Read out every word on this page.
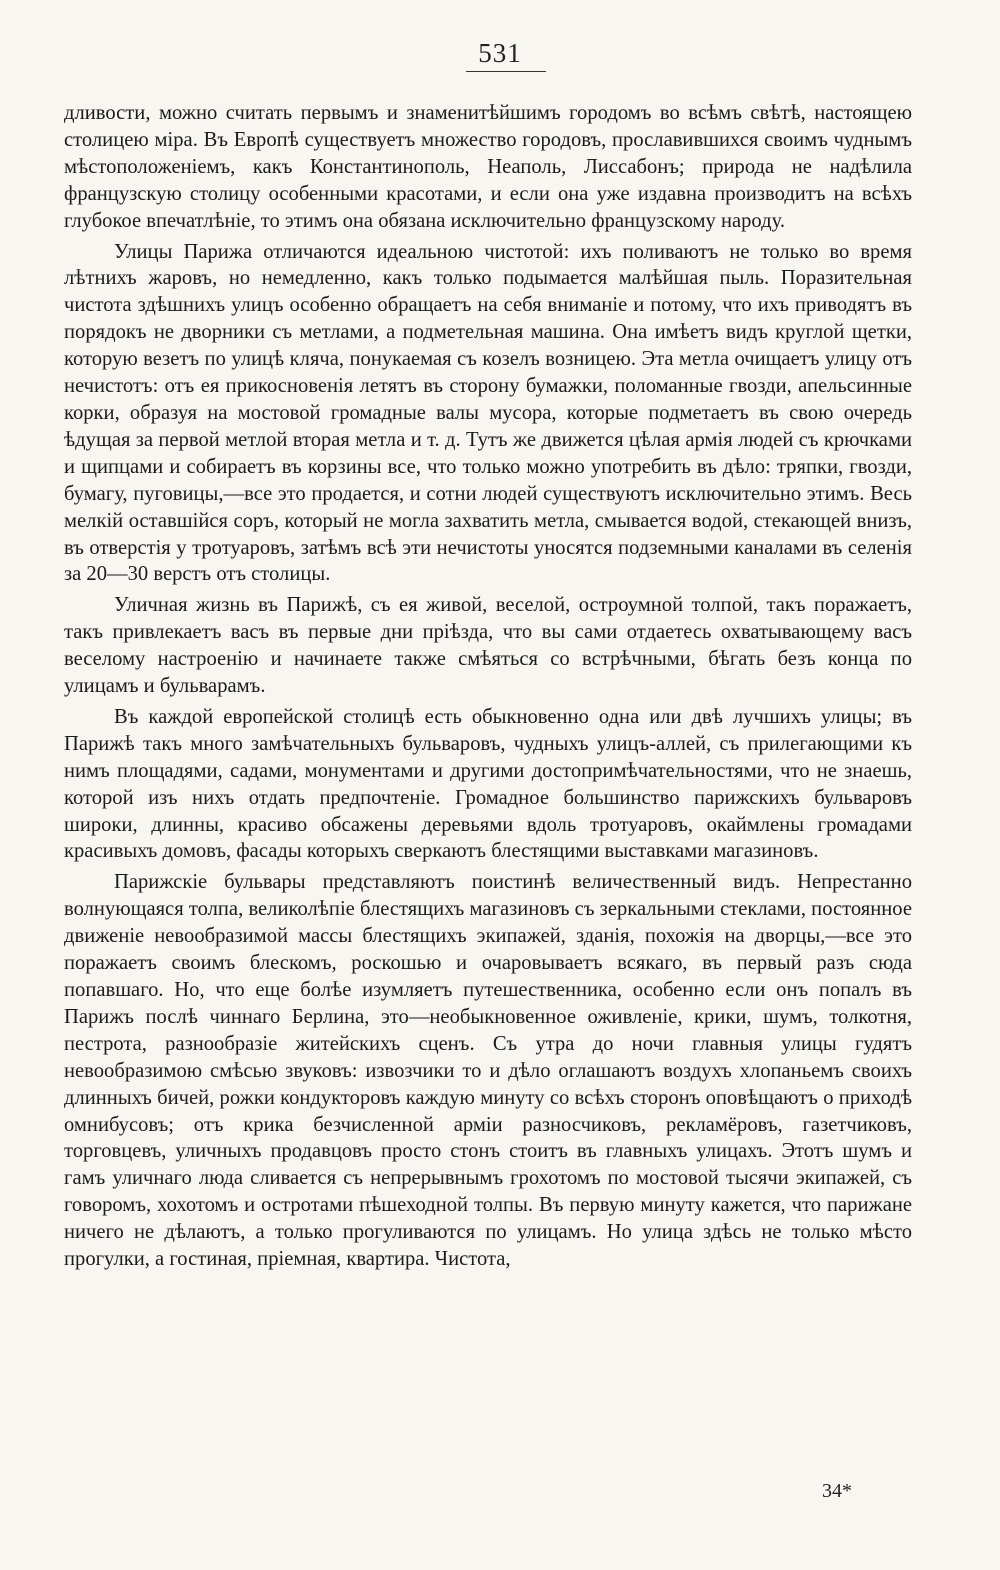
531

дливости, можно считать первымъ и знаменитѣйшимъ городомъ во всѣмъ свѣтѣ, настоящею столицею міра. Въ Европѣ существуетъ множество городовъ, прославившихся своимъ чуднымъ мѣстоположеніемъ, какъ Константинополь, Неаполь, Лиссабонъ; природа не надѣлила французскую столицу особенными красотами, и если она уже издавна производитъ на всѣхъ глубокое впечатлѣніе, то этимъ она обязана исключительно французскому народу.

Улицы Парижа отличаются идеальною чистотой: ихъ поливаютъ не только во время лѣтнихъ жаровъ, но немедленно, какъ только подымается малѣйшая пыль. Поразительная чистота здѣшнихъ улицъ особенно обращаетъ на себя вниманіе и потому, что ихъ приводятъ въ порядокъ не дворники съ метлами, а подметельная машина. Она имѣетъ видъ круглой щетки, которую везетъ по улицѣ кляча, понукаемая съ козелъ возницею. Эта метла очищаетъ улицу отъ нечистотъ: отъ ея прикосновенія летятъ въ сторону бумажки, поломанные гвозди, апельсинные корки, образуя на мостовой громадные валы мусора, которые подметаетъ въ свою очередь ѣдущая за первой метлой вторая метла и т. д. Тутъ же движется цѣлая армія людей съ крючками и щипцами и собираетъ въ корзины все, что только можно употребить въ дѣло: тряпки, гвозди, бумагу, пуговицы,—все это продается, и сотни людей существуютъ исключительно этимъ. Весь мелкій оставшійся соръ, который не могла захватить метла, смывается водой, стекающей внизъ, въ отверстія у тротуаровъ, затѣмъ всѣ эти нечистоты уносятся подземными каналами въ селенія за 20—30 верстъ отъ столицы.

Уличная жизнь въ Парижѣ, съ ея живой, веселой, остроумной толпой, такъ поражаетъ, такъ привлекаетъ васъ въ первые дни пріѣзда, что вы сами отдаетесь охватывающему васъ веселому настроенію и начинаете также смѣяться со встрѣчными, бѣгать безъ конца по улицамъ и бульварамъ.

Въ каждой европейской столицѣ есть обыкновенно одна или двѣ лучшихъ улицы; въ Парижѣ такъ много замѣчательныхъ бульваровъ, чудныхъ улицъ-аллей, съ прилегающими къ нимъ площадями, садами, монументами и другими достопримѣчательностями, что не знаешь, которой изъ нихъ отдать предпочтеніе. Громадное большинство парижскихъ бульваровъ широки, длинны, красиво обсажены деревьями вдоль тротуаровъ, окаймлены громадами красивыхъ домовъ, фасады которыхъ сверкаютъ блестящими выставками магазиновъ.

Парижскіе бульвары представляютъ поистинѣ величественный видъ. Непрестанно волнующаяся толпа, великолѣпіе блестящихъ магазиновъ съ зеркальными стеклами, постоянное движеніе невообразимой массы блестящихъ экипажей, зданія, похожія на дворцы,—все это поражаетъ своимъ блескомъ, роскошью и очаровываетъ всякаго, въ первый разъ сюда попавшаго. Но, что еще болѣе изумляетъ путешественника, особенно если онъ попалъ въ Парижъ послѣ чиннаго Берлина, это—необыкновенное оживленіе, крики, шумъ, толкотня, пестрота, разнообразіе житейскихъ сценъ. Съ утра до ночи главныя улицы гудятъ невообразимою смѣсью звуковъ: извозчики то и дѣло оглашаютъ воздухъ хлопаньемъ своихъ длинныхъ бичей, рожки кондукторовъ каждую минуту со всѣхъ сторонъ оповѣщаютъ о приходѣ омнибусовъ; отъ крика безчисленной арміи разносчиковъ, рекламёровъ, газетчиковъ, торговцевъ, уличныхъ продавцовъ просто стонъ стоитъ въ главныхъ улицахъ. Этотъ шумъ и гамъ уличнаго люда сливается съ непрерывнымъ грохотомъ по мостовой тысячи экипажей, съ говоромъ, хохотомъ и остротами пѣшеходной толпы. Въ первую минуту кажется, что парижане ничего не дѣлаютъ, а только прогуливаются по улицамъ. Но улица здѣсь не только мѣсто прогулки, а гостиная, пріемная, квартира. Чистота,

34*
